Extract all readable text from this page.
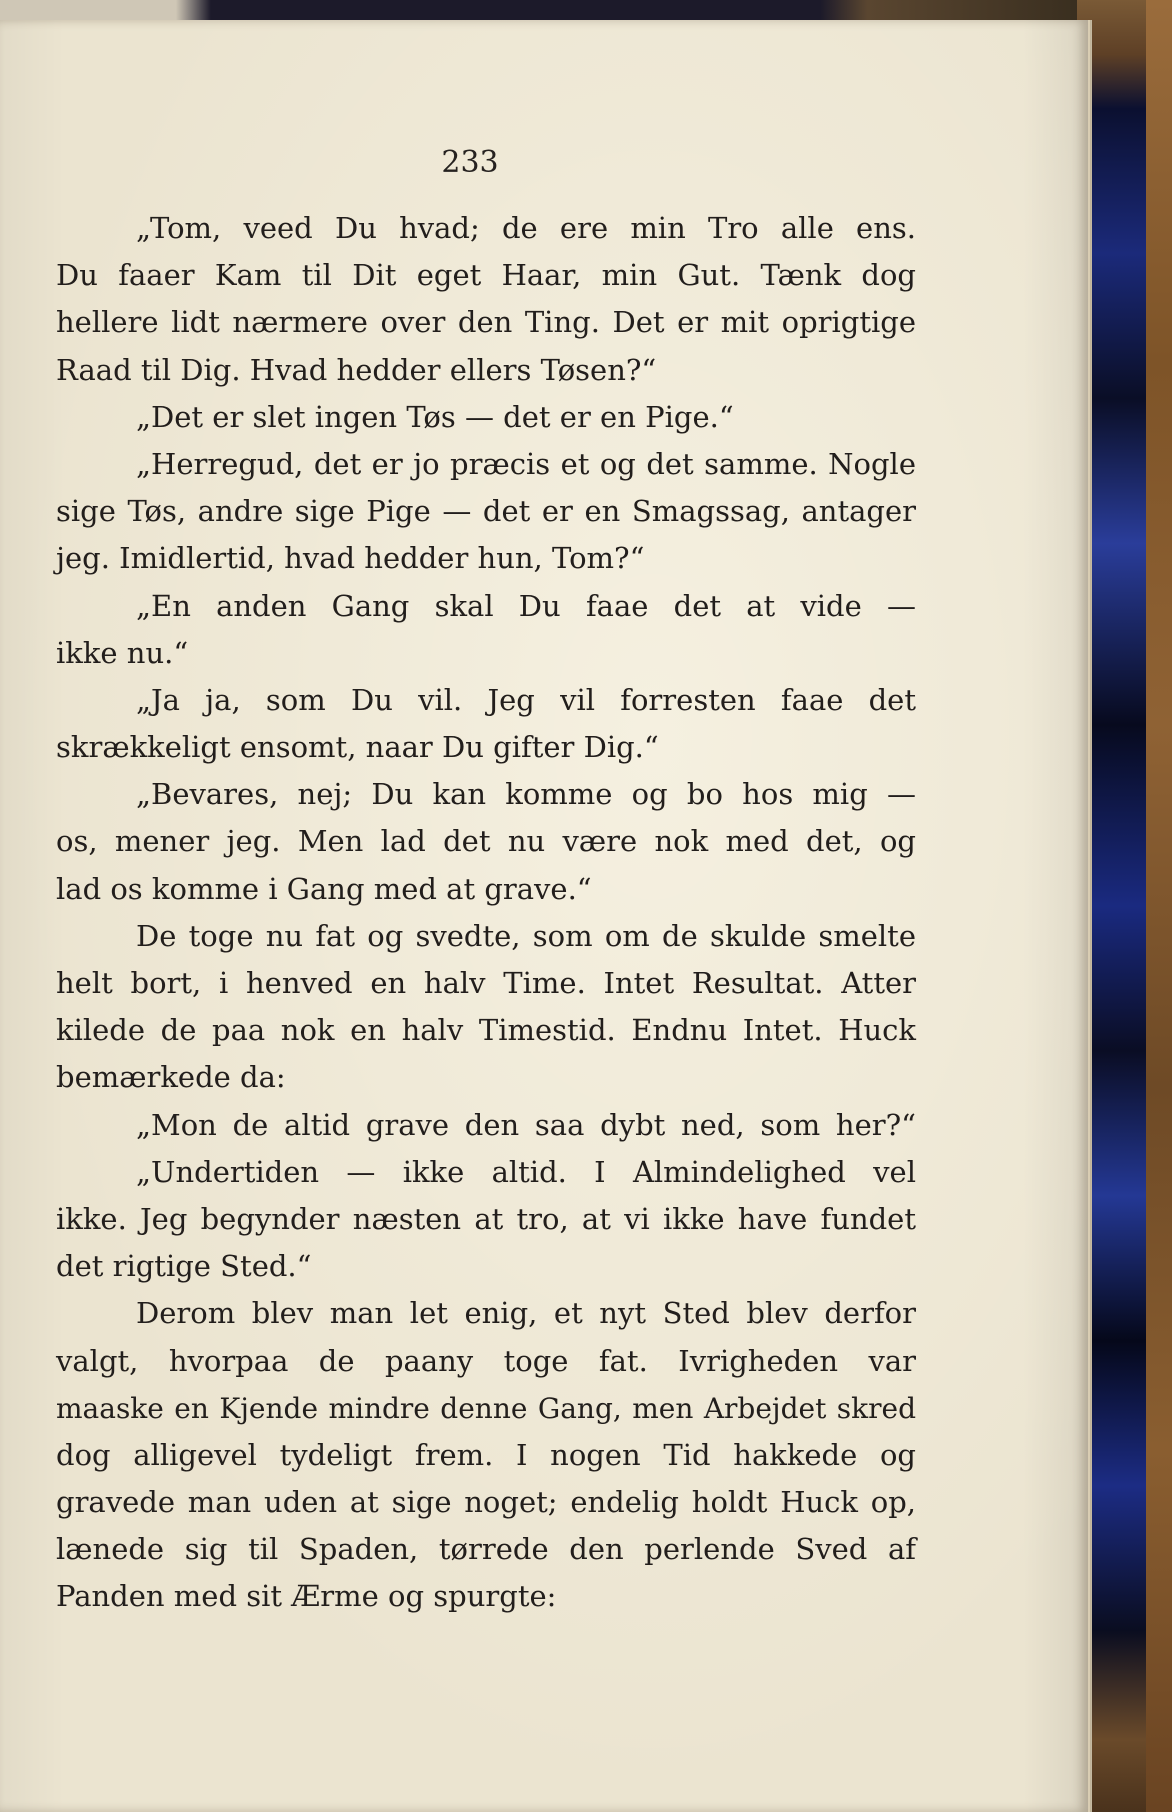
233
„Tom, veed Du hvad; de ere min Tro alle ens.
Du faaer Kam til Dit eget Haar, min Gut. Tænk dog
hellere lidt nærmere over den Ting. Det er mit oprigtige
Raad til Dig. Hvad hedder ellers Tøsen?“
„Det er slet ingen Tøs — det er en Pige.“
„Herregud, det er jo præcis et og det samme. Nogle
sige Tøs, andre sige Pige — det er en Smagssag, antager
jeg. Imidlertid, hvad hedder hun, Tom?“
„En anden Gang skal Du faae det at vide —
ikke nu.“
„Ja ja, som Du vil. Jeg vil forresten faae det
skrækkeligt ensomt, naar Du gifter Dig.“
„Bevares, nej; Du kan komme og bo hos mig —
os, mener jeg. Men lad det nu være nok med det, og
lad os komme i Gang med at grave.“
De toge nu fat og svedte, som om de skulde smelte
helt bort, i henved en halv Time. Intet Resultat. Atter
kilede de paa nok en halv Timestid. Endnu Intet. Huck
bemærkede da:
„Mon de altid grave den saa dybt ned, som her?“
„Undertiden — ikke altid. I Almindelighed vel
ikke. Jeg begynder næsten at tro, at vi ikke have fundet
det rigtige Sted.“
Derom blev man let enig, et nyt Sted blev derfor
valgt, hvorpaa de paany toge fat. Ivrigheden var
maaske en Kjende mindre denne Gang, men Arbejdet skred
dog alligevel tydeligt frem. I nogen Tid hakkede og
gravede man uden at sige noget; endelig holdt Huck op,
lænede sig til Spaden, tørrede den perlende Sved af
Panden med sit Ærme og spurgte:
